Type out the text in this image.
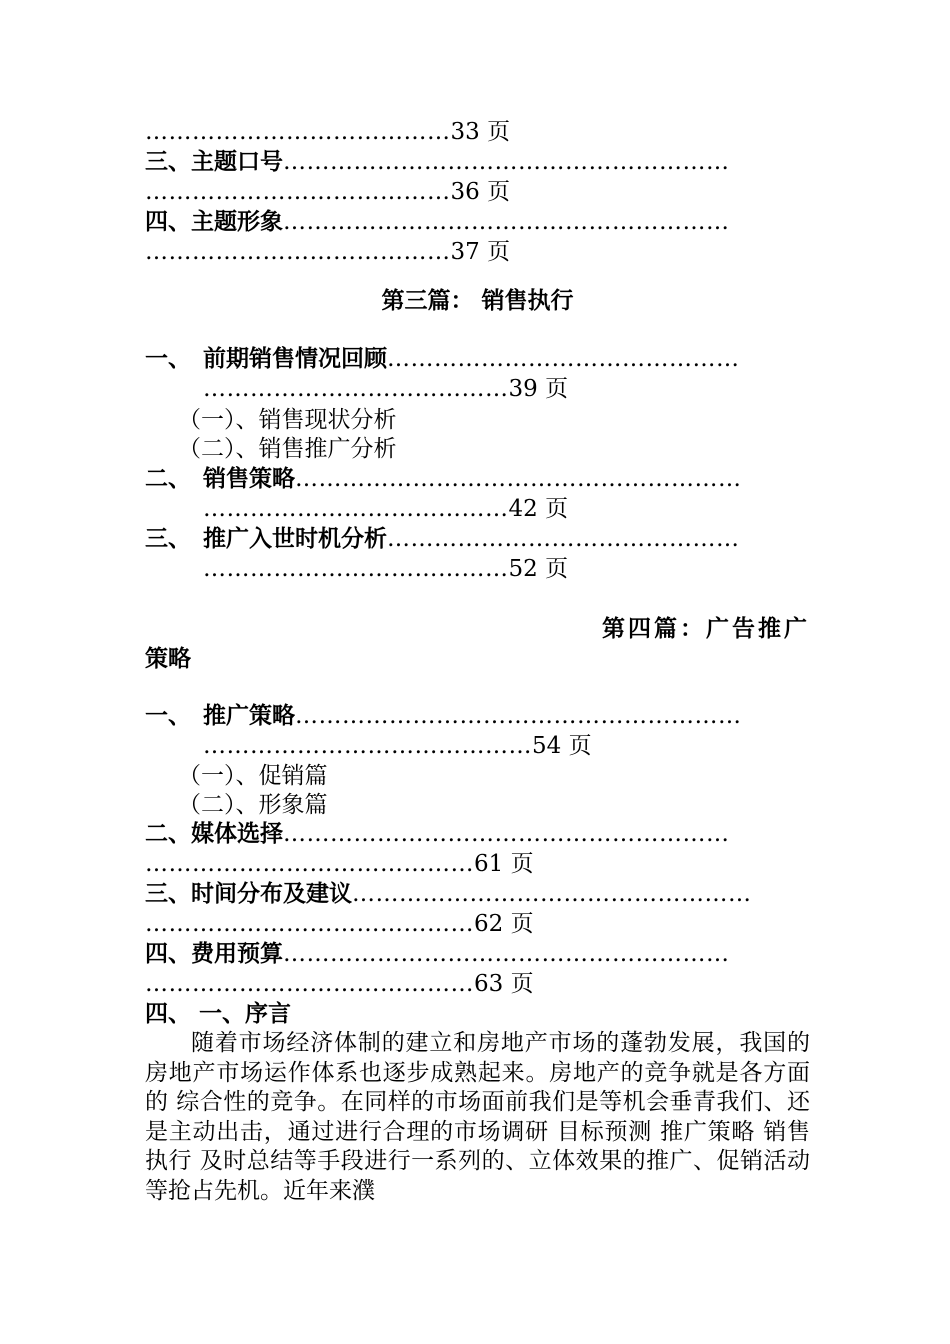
…………………………………33 页
三、主题口号…………………………………………………
…………………………………36 页
四、主题形象…………………………………………………
…………………………………37 页
第三篇： 销售执行
一、 前期销售情况回顾………………………………………
…………………………………39 页
（一）、销售现状分析
（二）、销售推广分析
二、 销售策略…………………………………………………
…………………………………42 页
三、 推广入世时机分析………………………………………
…………………………………52 页
第四篇：广告推广
策略
一、 推广策略…………………………………………………
……………………………………54 页
（一）、促销篇
（二）、形象篇
二、媒体选择…………………………………………………
……………………………………61 页
三、时间分布及建议……………………………………………
……………………………………62 页
四、费用预算…………………………………………………
……………………………………63 页
四、 一、序言
随着市场经济体制的建立和房地产市场的蓬勃发展，我国的房地产市场运作体系也逐步成熟起来。房地产的竞争就是各方面的 综合性的竞争。在同样的市场面前我们是等机会垂青我们、还是主动出击，通过进行合理的市场调研 目标预测 推广策略 销售执行 及时总结等手段进行一系列的、立体效果的推广、促销活动等抢占先机。近年来濮
